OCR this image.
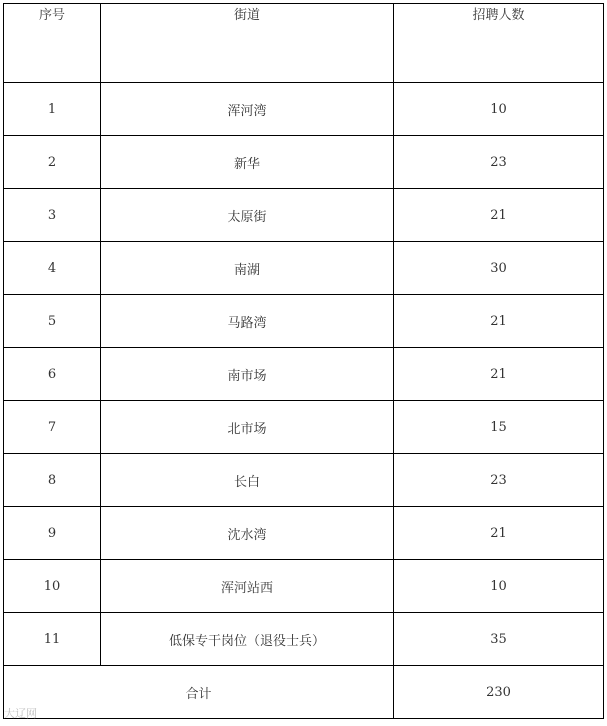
序号	街道	招聘人数
1	浑河湾	10
2	新华	23
3	太原街	21
4	南湖	30
5	马路湾	21
6	南市场	21
7	北市场	15
8	长白	23
9	沈水湾	21
10	浑河站西	10
11	低保专干岗位（退役士兵）	35
合计		230
大辽网
